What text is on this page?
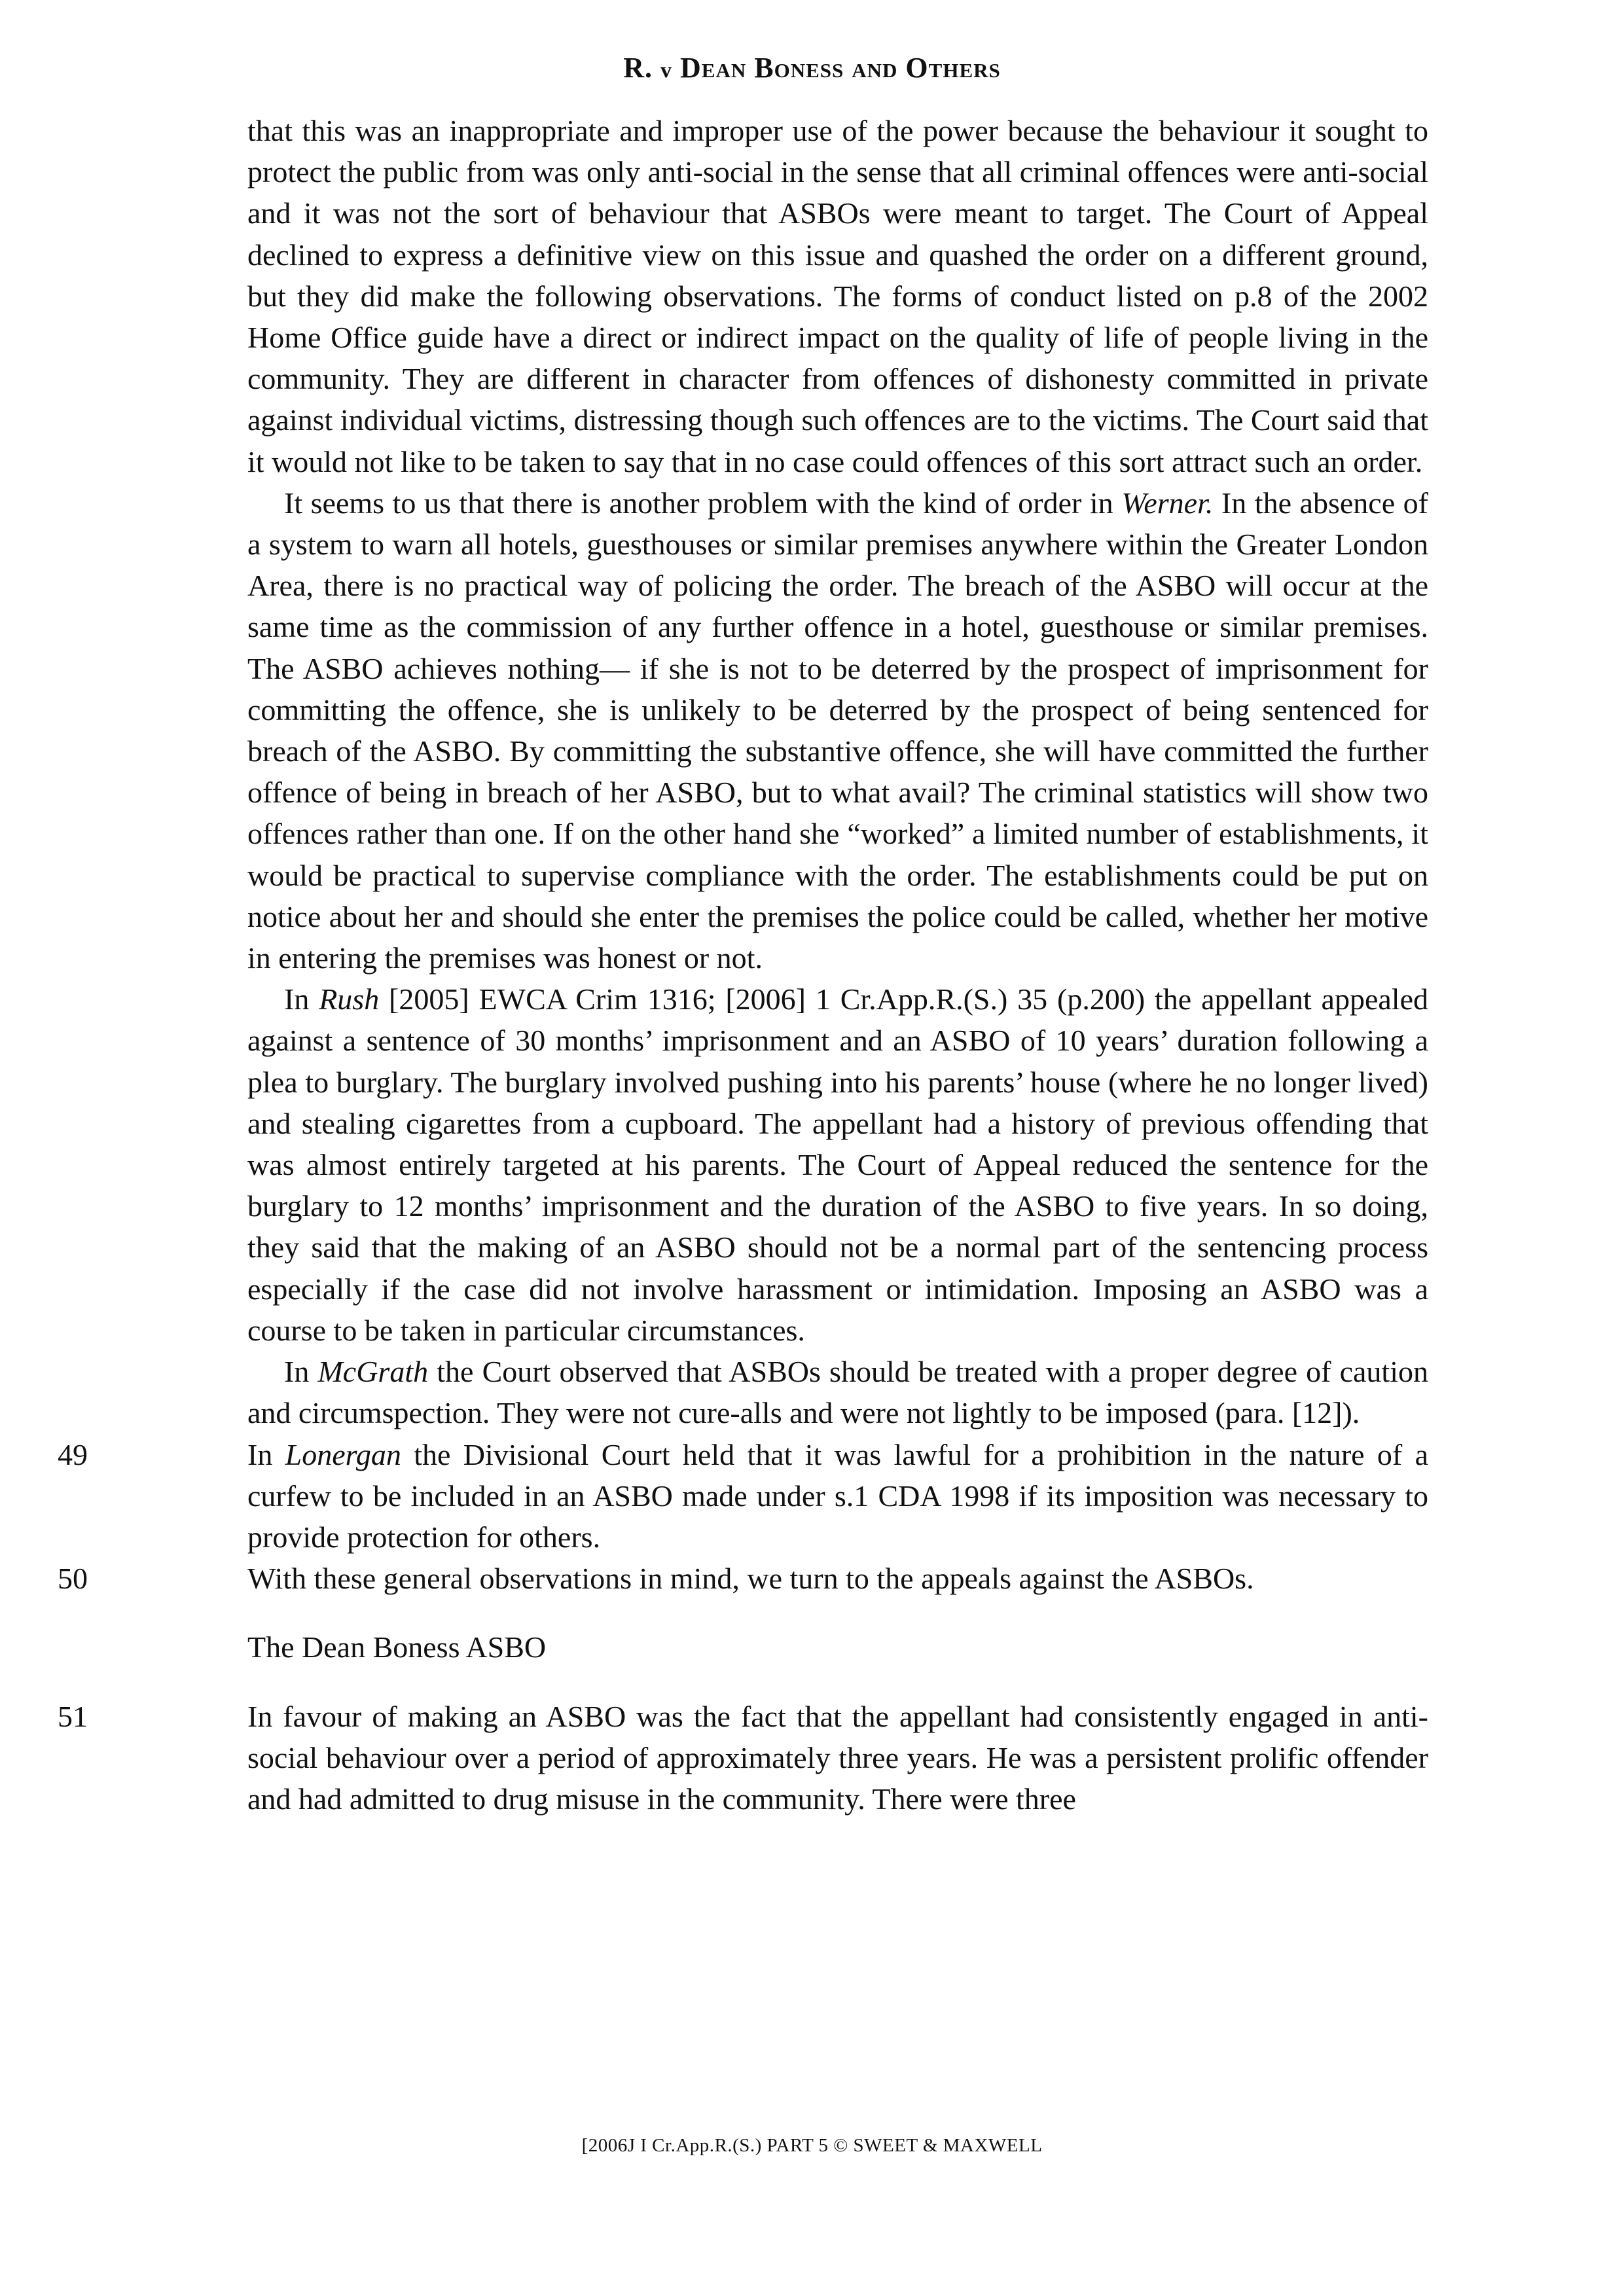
R. v Dean Boness and Others

that this was an inappropriate and improper use of the power because the behaviour it sought to protect the public from was only anti-social in the sense that all criminal offences were anti-social and it was not the sort of behaviour that ASBOs were meant to target. The Court of Appeal declined to express a definitive view on this issue and quashed the order on a different ground, but they did make the following observations. The forms of conduct listed on p.8 of the 2002 Home Office guide have a direct or indirect impact on the quality of life of people living in the community. They are different in character from offences of dishonesty committed in private against individual victims, distressing though such offences are to the victims. The Court said that it would not like to be taken to say that in no case could offences of this sort attract such an order.

It seems to us that there is another problem with the kind of order in Werner. In the absence of a system to warn all hotels, guesthouses or similar premises anywhere within the Greater London Area, there is no practical way of policing the order. The breach of the ASBO will occur at the same time as the commission of any further offence in a hotel, guesthouse or similar premises. The ASBO achieves nothing— if she is not to be deterred by the prospect of imprisonment for committing the offence, she is unlikely to be deterred by the prospect of being sentenced for breach of the ASBO. By committing the substantive offence, she will have committed the further offence of being in breach of her ASBO, but to what avail? The criminal statistics will show two offences rather than one. If on the other hand she “worked” a limited number of establishments, it would be practical to supervise compliance with the order. The establishments could be put on notice about her and should she enter the premises the police could be called, whether her motive in entering the premises was honest or not.

In Rush [2005] EWCA Crim 1316; [2006] 1 Cr.App.R.(S.) 35 (p.200) the appellant appealed against a sentence of 30 months’ imprisonment and an ASBO of 10 years’ duration following a plea to burglary. The burglary involved pushing into his parents’ house (where he no longer lived) and stealing cigarettes from a cupboard. The appellant had a history of previous offending that was almost entirely targeted at his parents. The Court of Appeal reduced the sentence for the burglary to 12 months’ imprisonment and the duration of the ASBO to five years. In so doing, they said that the making of an ASBO should not be a normal part of the sentencing process especially if the case did not involve harassment or intimidation. Imposing an ASBO was a course to be taken in particular circumstances.

In McGrath the Court observed that ASBOs should be treated with a proper degree of caution and circumspection. They were not cure-alls and were not lightly to be imposed (para. [12]).

49	In Lonergan the Divisional Court held that it was lawful for a prohibition in the nature of a curfew to be included in an ASBO made under s.1 CDA 1998 if its imposition was necessary to provide protection for others.

50	With these general observations in mind, we turn to the appeals against the ASBOs.

The Dean Boness ASBO

51	In favour of making an ASBO was the fact that the appellant had consistently engaged in anti-social behaviour over a period of approximately three years. He was a persistent prolific offender and had admitted to drug misuse in the community. There were three

[2006J I Cr.App.R.(S.) PART 5 © SWEET & MAXWELL
